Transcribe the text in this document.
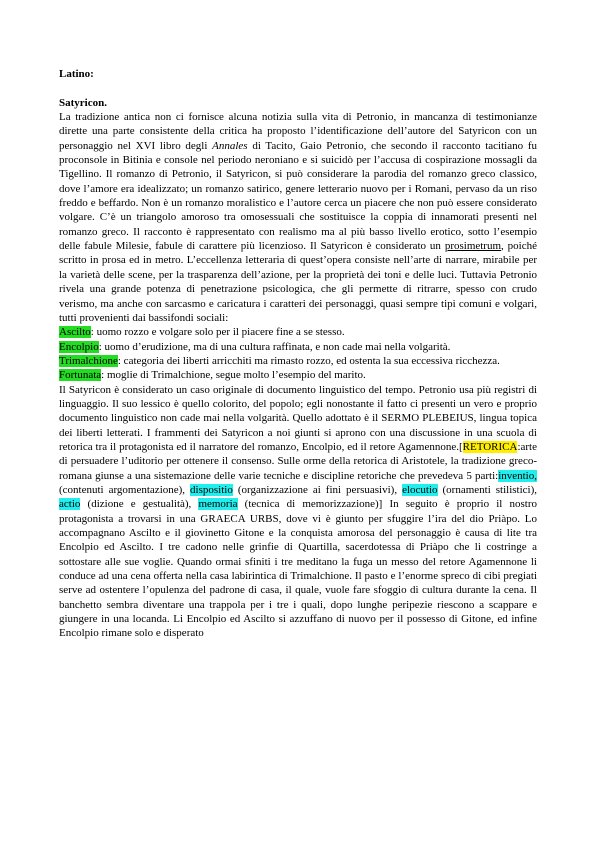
Latino:
Satyricon.

La tradizione antica non ci fornisce alcuna notizia sulla vita di Petronio, in mancanza di testimonianze dirette una parte consistente della critica ha proposto l’identificazione dell’autore del Satyricon con un personaggio nel XVI libro degli Annales di Tacito, Gaio Petronio, che secondo il racconto tacitiano fu proconsole in Bitinia e console nel periodo neroniano e si suicidò per l’accusa di cospirazione mossagli da Tigellino. Il romanzo di Petronio, il Satyricon, si può considerare la parodia del romanzo greco classico, dove l’amore era idealizzato; un romanzo satirico, genere letterario nuovo per i Romani, pervaso da un riso freddo e beffardo. Non è un romanzo moralistico e l’autore cerca un piacere che non può essere considerato volgare. C’è un triangolo amoroso tra omosessuali che sostituisce la coppia di innamorati presenti nel romanzo greco. Il racconto è rappresentato con realismo ma al più basso livello erotico, sotto l’esempio delle fabule Milesie, fabule di carattere più licenzioso. Il Satyricon è considerato un prosimetrum, poiché scritto in prosa ed in metro. L’eccellenza letteraria di quest’opera consiste nell’arte di narrare, mirabile per la varietà delle scene, per la trasparenza dell’azione, per la proprietà dei toni e delle luci. Tuttavia Petronio rivela una grande potenza di penetrazione psicologica, che gli permette di ritrarre, spesso con crudo verismo, ma anche con sarcasmo e caricatura i caratteri dei personaggi, quasi sempre tipi comuni e volgari, tutti provenienti dai bassifondi sociali:

Ascilto: uomo rozzo e volgare solo per il piacere fine a se stesso.

Encolpio: uomo d’erudizione, ma di una cultura raffinata, e non cade mai nella volgarità.

Trimalchione: categoria dei liberti arricchiti ma rimasto rozzo, ed ostenta la sua eccessiva ricchezza.

Fortunata: moglie di Trimalchione, segue molto l’esempio del marito.

Il Satyricon è considerato un caso originale di documento linguistico del tempo. Petronio usa più registri di linguaggio. Il suo lessico è quello colorito, del popolo; egli nonostante il fatto ci presenti un vero e proprio documento linguistico non cade mai nella volgarità. Quello adottato è il SERMO PLEBEIUS, lingua topica dei liberti letterati. I frammenti dei Satyricon a noi giunti si aprono con una discussione in una scuola di retorica tra il protagonista ed il narratore del romanzo, Encolpio, ed il retore Agamennone.[RETORICA:arte di persuadere l’uditorio per ottenere il consenso. Sulle orme della retorica di Aristotele, la tradizione greco-romana giunse a una sistemazione delle varie tecniche e discipline retoriche che prevedeva 5 parti:inventio,(contenuti argomentazione), dispositio (organizzazione ai fini persuasivi), elocutio (ornamenti stilistici), actio (dizione e gestualità), memoria (tecnica di memorizzazione)] In seguito è proprio il nostro protagonista a trovarsi in una GRAECA URBS, dove vi è giunto per sfuggire l’ira del dio Priàpo. Lo accompagnano Ascilto e il giovinetto Gitone e la conquista amorosa del personaggio è causa di lite tra Encolpio ed Ascilto. I tre cadono nelle grinfie di Quartilla, sacerdotessa di Priàpo che li costringe a sottostare alle sue voglie. Quando ormai sfiniti i tre meditano la fuga un messo del retore Agamennone li conduce ad una cena offerta nella casa labirintica di Trimalchione. Il pasto e l’enorme spreco di cibi pregiati serve ad ostentere l’opulenza del padrone di casa, il quale, vuole fare sfoggio di cultura durante la cena. Il banchetto sembra diventare una trappola per i tre i quali, dopo lunghe peripezie riescono a scappare e giungere in una locanda. Li Encolpio ed Ascilto si azzuffano di nuovo per il possesso di Gitone, ed infine Encolpio rimane solo e disperato
